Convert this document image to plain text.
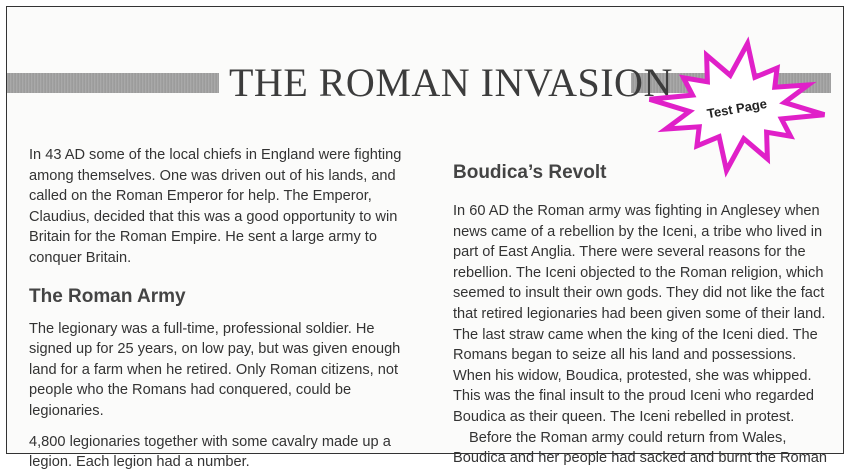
THE ROMAN INVASION

In 43 AD some of the local chiefs in England were fighting among themselves. One was driven out of his lands, and called on the Roman Emperor for help. The Emperor, Claudius, decided that this was a good opportunity to win Britain for the Roman Empire. He sent a large army to conquer Britain.

The Roman Army

The legionary was a full-time, professional soldier. He signed up for 25 years, on low pay, but was given enough land for a farm when he retired. Only Roman citizens, not people who the Romans had conquered, could be legionaries.

4,800 legionaries together with some cavalry made up a legion. Each legion had a number.

Boudica’s Revolt

In 60 AD the Roman army was fighting in Anglesey when news came of a rebellion by the Iceni, a tribe who lived in part of East Anglia. There were several reasons for the rebellion. The Iceni objected to the Roman religion, which seemed to insult their own gods. They did not like the fact that retired legionaries had been given some of their land. The last straw came when the king of the Iceni died. The Romans began to seize all his land and possessions. When his widow, Boudica, protested, she was whipped. This was the final insult to the proud Iceni who regarded Boudica as their queen. The Iceni rebelled in protest.

Before the Roman army could return from Wales, Boudica and her people had sacked and burnt the Roman

Test Page
